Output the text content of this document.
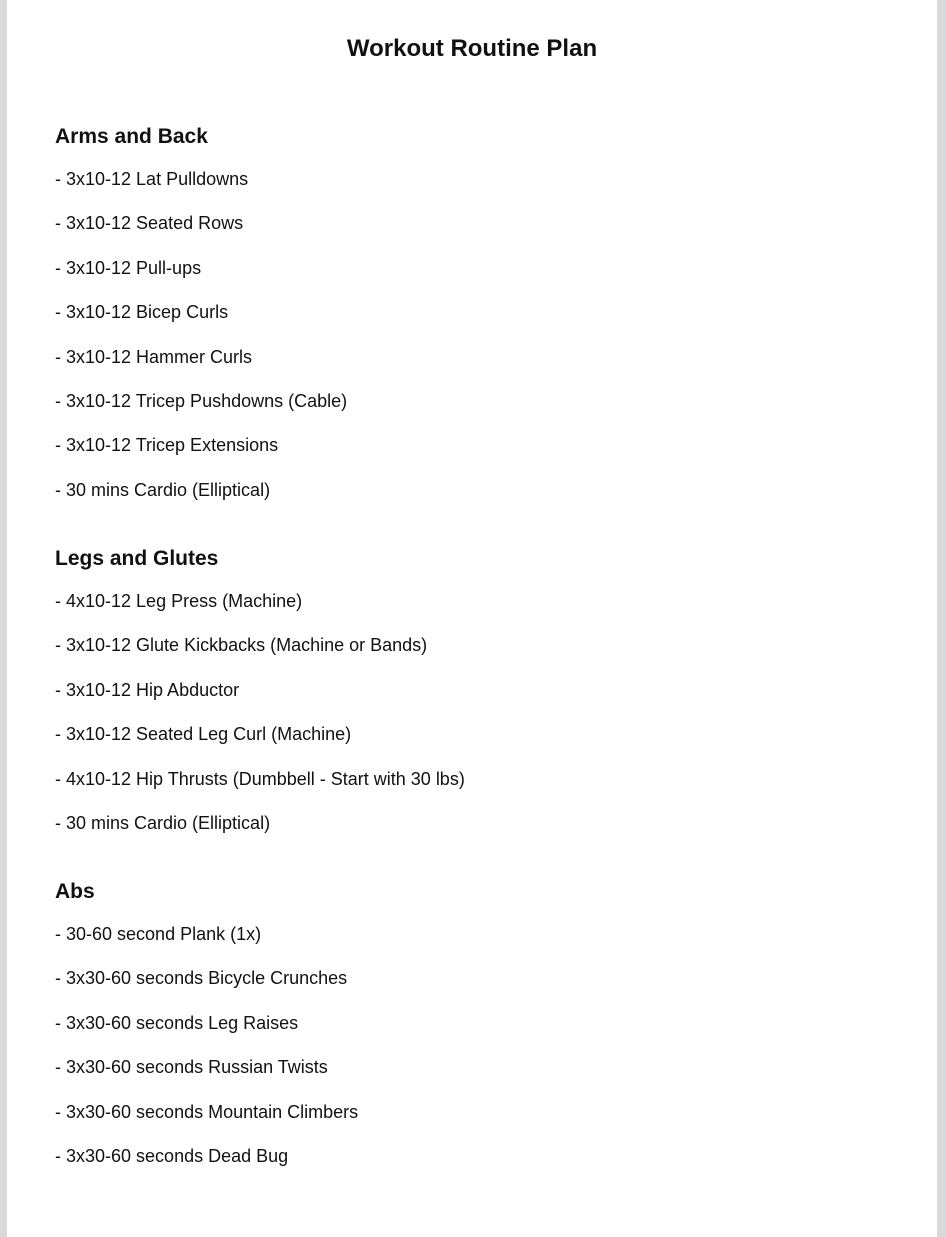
Workout Routine Plan
Arms and Back
- 3x10-12 Lat Pulldowns
- 3x10-12 Seated Rows
- 3x10-12 Pull-ups
- 3x10-12 Bicep Curls
- 3x10-12 Hammer Curls
- 3x10-12 Tricep Pushdowns (Cable)
- 3x10-12 Tricep Extensions
- 30 mins Cardio (Elliptical)
Legs and Glutes
- 4x10-12 Leg Press (Machine)
- 3x10-12 Glute Kickbacks (Machine or Bands)
- 3x10-12 Hip Abductor
- 3x10-12 Seated Leg Curl (Machine)
- 4x10-12 Hip Thrusts (Dumbbell - Start with 30 lbs)
- 30 mins Cardio (Elliptical)
Abs
- 30-60 second Plank (1x)
- 3x30-60 seconds Bicycle Crunches
- 3x30-60 seconds Leg Raises
- 3x30-60 seconds Russian Twists
- 3x30-60 seconds Mountain Climbers
- 3x30-60 seconds Dead Bug
